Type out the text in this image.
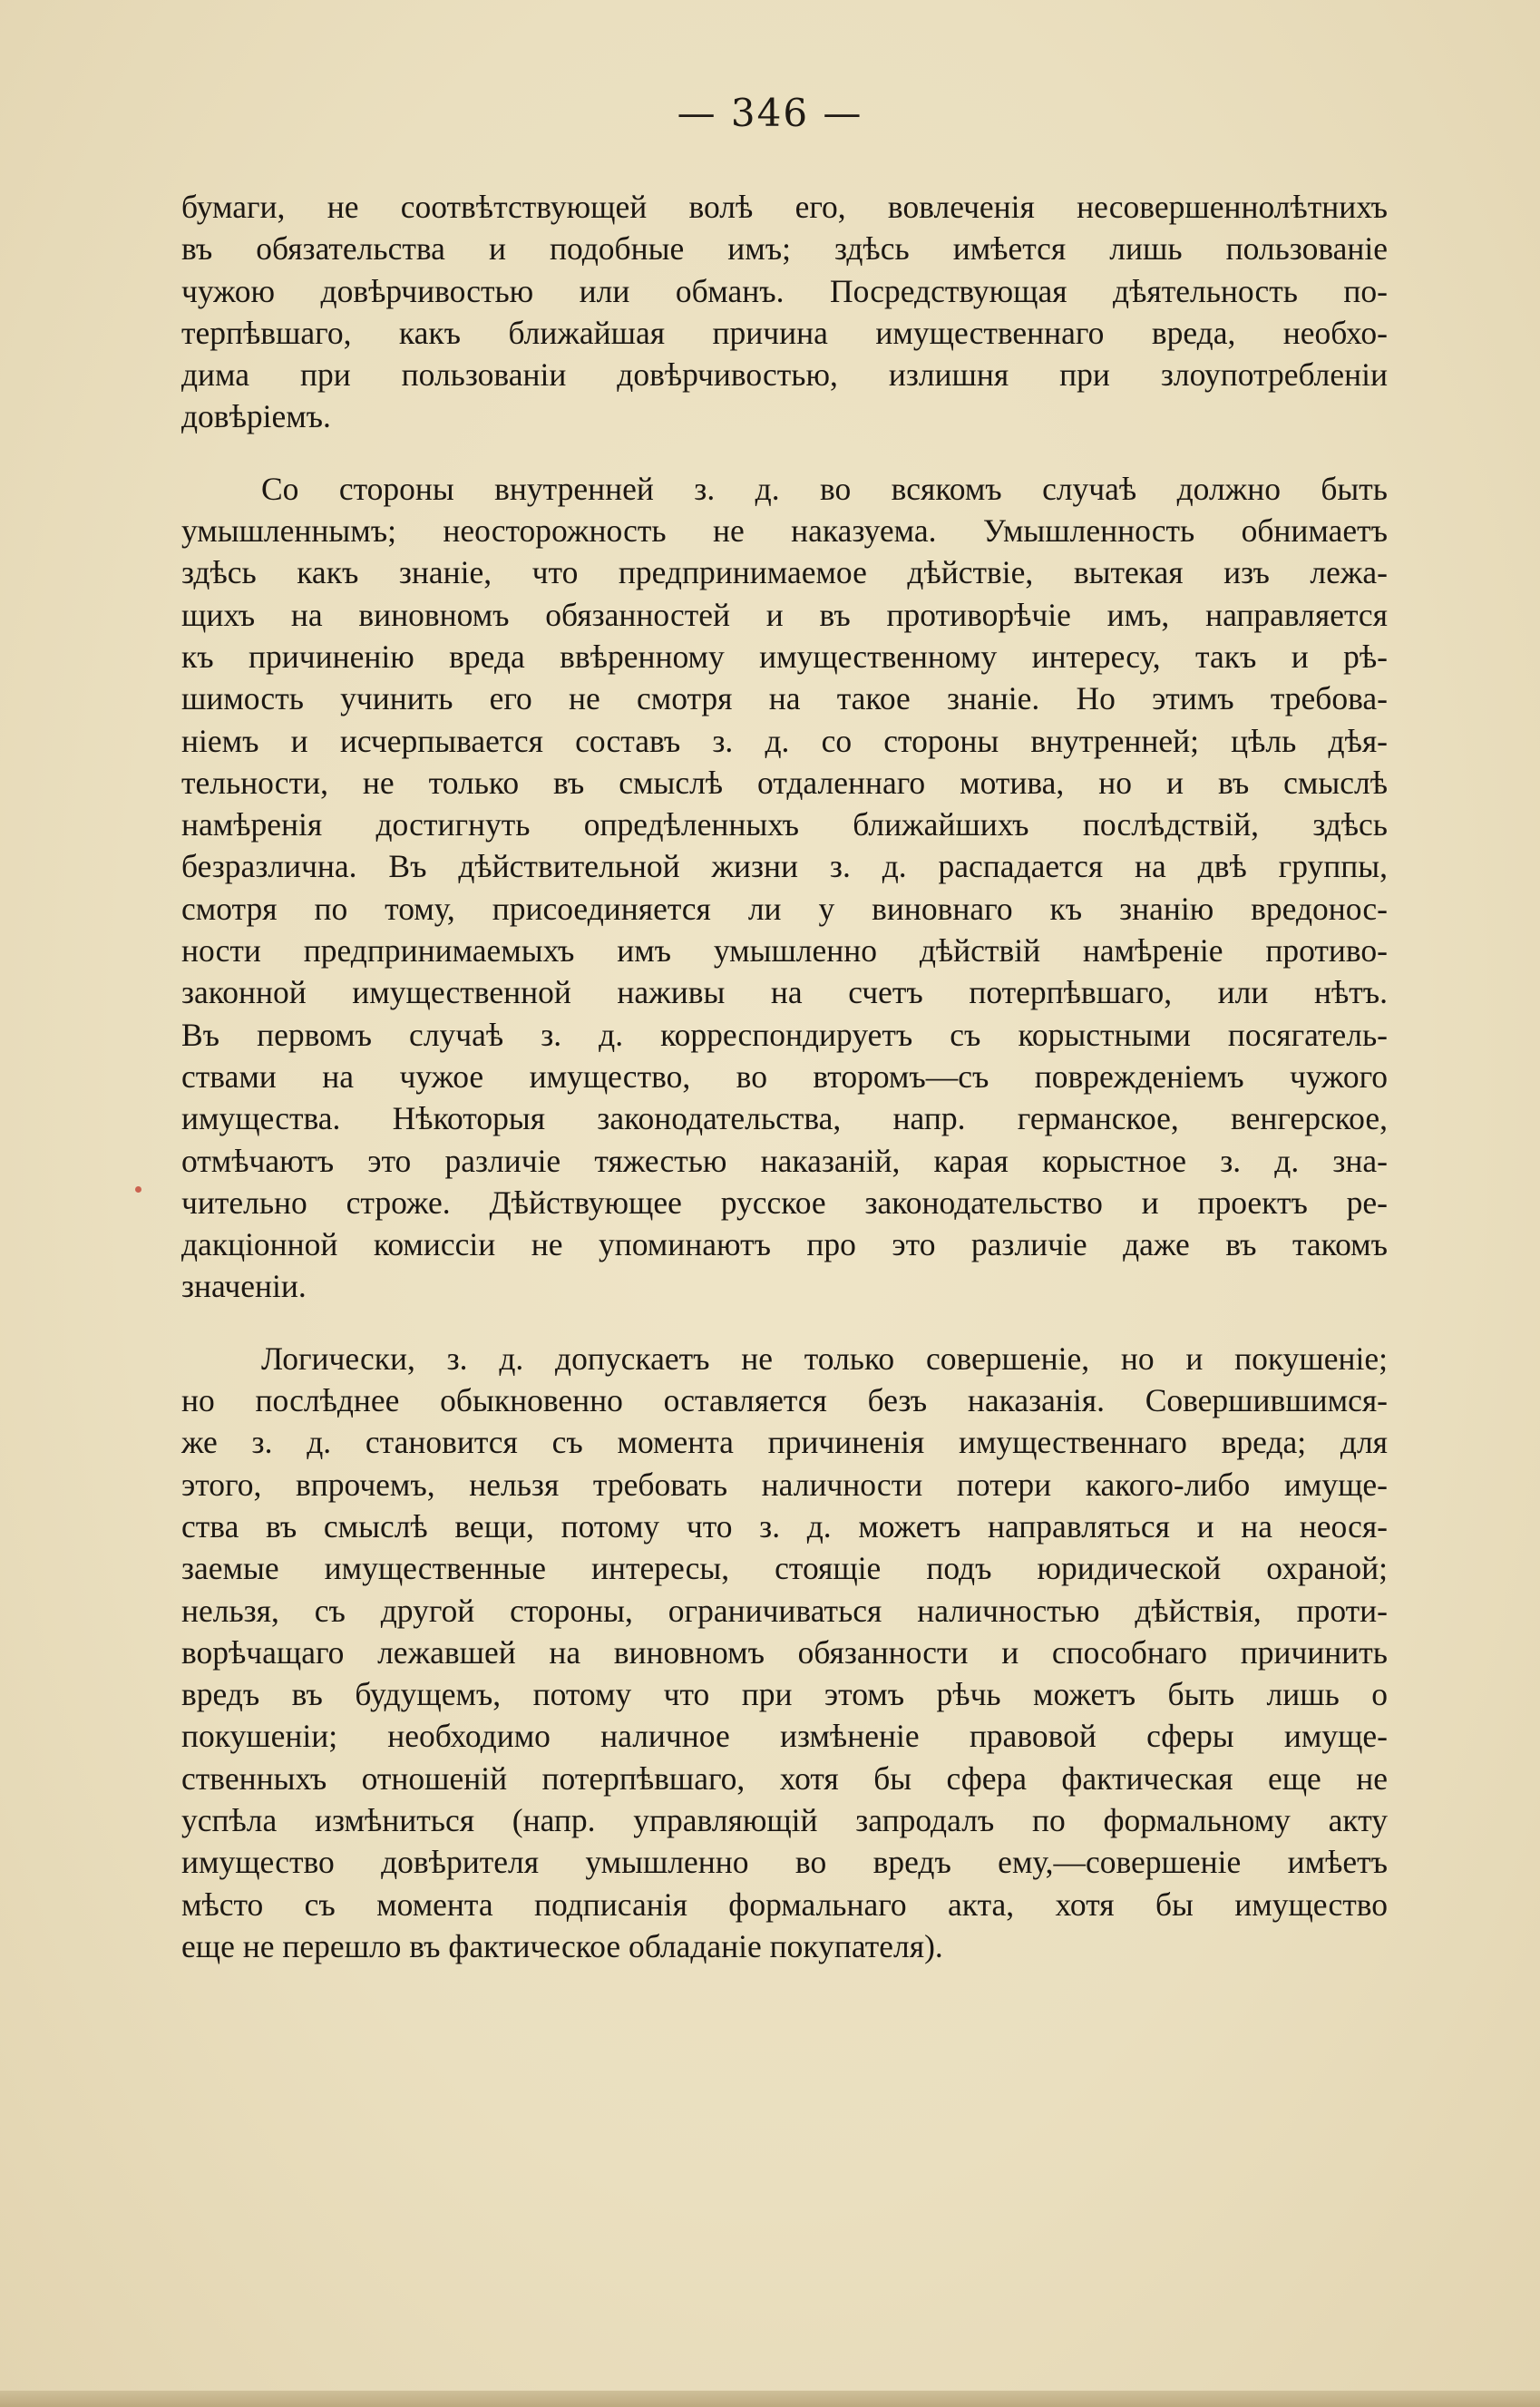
— 346 —
бумаги, не соотвѣтствующей волѣ его, вовлеченія несовершеннолѣтнихъ
въ обязательства и подобные имъ; здѣсь имѣется лишь пользованіе
чужою довѣрчивостью или обманъ. Посредствующая дѣятельность по-
терпѣвшаго, какъ ближайшая причина имущественнаго вреда, необхо-
дима при пользованіи довѣрчивостью, излишня при злоупотребленіи
довѣріемъ.
Со стороны внутренней з. д. во всякомъ случаѣ должно быть
умышленнымъ; неосторожность не наказуема. Умышленность обнимаетъ
здѣсь какъ знаніе, что предпринимаемое дѣйствіе, вытекая изъ лежа-
щихъ на виновномъ обязанностей и въ противорѣчіе имъ, направляется
къ причиненію вреда ввѣренному имущественному интересу, такъ и рѣ-
шимость учинить его не смотря на такое знаніе. Но этимъ требова-
ніемъ и исчерпывается составъ з. д. со стороны внутренней; цѣль дѣя-
тельности, не только въ смыслѣ отдаленнаго мотива, но и въ смыслѣ
намѣренія достигнуть опредѣленныхъ ближайшихъ послѣдствій, здѣсь
безразлична. Въ дѣйствительной жизни з. д. распадается на двѣ группы,
смотря по тому, присоединяется ли у виновнаго къ знанію вредонос-
ности предпринимаемыхъ имъ умышленно дѣйствій намѣреніе противо-
законной имущественной наживы на счетъ потерпѣвшаго, или нѣтъ.
Въ первомъ случаѣ з. д. корреспондируетъ съ корыстными посягатель-
ствами на чужое имущество, во второмъ—съ поврежденіемъ чужого
имущества. Нѣкоторыя законодательства, напр. германское, венгерское,
отмѣчаютъ это различіе тяжестью наказаній, карая корыстное з. д. зна-
чительно строже. Дѣйствующее русское законодательство и проектъ ре-
дакціонной комиссіи не упоминаютъ про это различіе даже въ такомъ
значеніи.
Логически, з. д. допускаетъ не только совершеніе, но и покушеніе;
но послѣднее обыкновенно оставляется безъ наказанія. Совершившимся-
же з. д. становится съ момента причиненія имущественнаго вреда; для
этого, впрочемъ, нельзя требовать наличности потери какого-либо имуще-
ства въ смыслѣ вещи, потому что з. д. можетъ направляться и на неося-
заемые имущественные интересы, стоящіе подъ юридической охраной;
нельзя, съ другой стороны, ограничиваться наличностью дѣйствія, проти-
ворѣчащаго лежавшей на виновномъ обязанности и способнаго причинить
вредъ въ будущемъ, потому что при этомъ рѣчь можетъ быть лишь о
покушеніи; необходимо наличное измѣненіе правовой сферы имуще-
ственныхъ отношеній потерпѣвшаго, хотя бы сфера фактическая еще не
успѣла измѣниться (напр. управляющій запродалъ по формальному акту
имущество довѣрителя умышленно во вредъ ему,—совершеніе имѣетъ
мѣсто съ момента подписанія формальнаго акта, хотя бы имущество
еще не перешло въ фактическое обладаніе покупателя).
